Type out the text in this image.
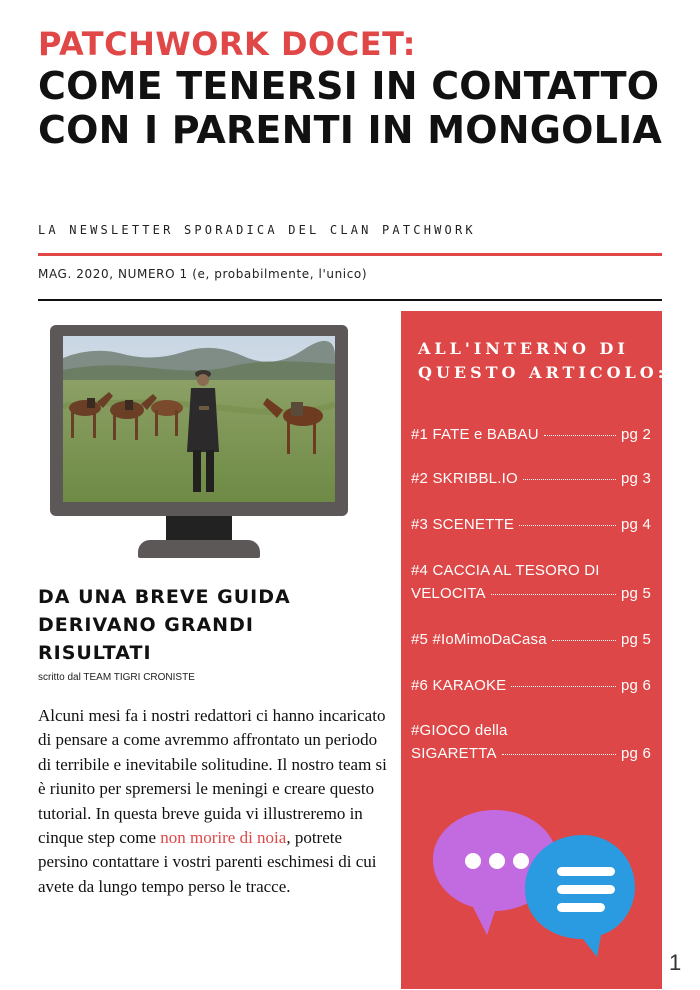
PATCHWORK DOCET:
COME TENERSI IN CONTATTO CON I PARENTI IN MONGOLIA
LA NEWSLETTER SPORADICA DEL CLAN PATCHWORK
MAG. 2020, NUMERO 1 (e, probabilmente, l'unico)
DA UNA BREVE GUIDA DERIVANO GRANDI RISULTATI
scritto dal TEAM TIGRI CRONISTE
Alcuni mesi fa i nostri redattori ci hanno incaricato di pensare a come avremmo affrontato un periodo di terribile e inevitabile solitudine. Il nostro team si è riunito per spremersi le meningi e creare questo tutorial. In questa breve guida vi illustreremo in cinque step come non morire di noia, potrete persino contattare i vostri parenti eschimesi di cui avete da lungo tempo perso le tracce.
ALL'INTERNO DI
QUESTO ARTICOLO:
#1 FATE e BABAU	pg 2
#2 SKRIBBL.IO	pg 3
#3 SCENETTE	pg 4
#4 CACCIA AL TESORO DI
VELOCITA	pg 5
#5 #IoMimoDaCasa	pg 5
#6 KARAOKE	pg 6
#GIOCO della
SIGARETTA	pg 6
1
